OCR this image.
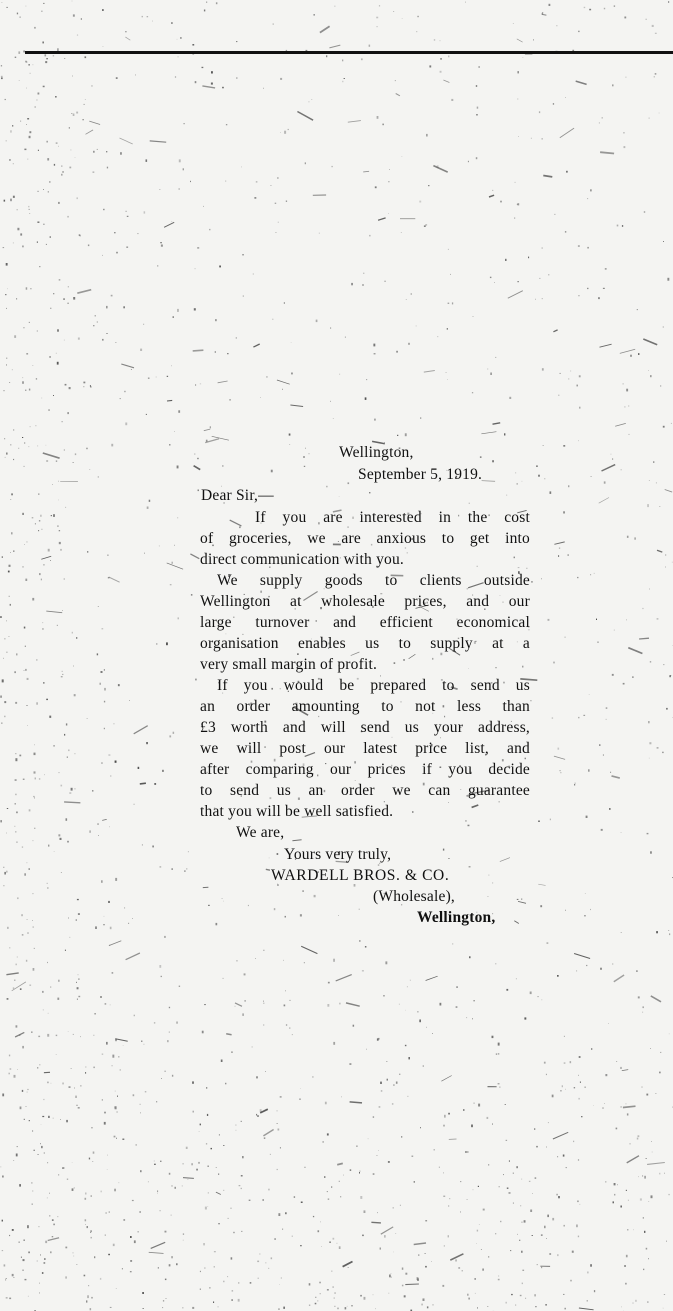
Wellington,
September 5, 1919.
Dear Sir,—
If you are interested in the cost
of groceries, we are anxious to get into
direct communication with you.
We supply goods to clients outside
Wellington at wholesale prices, and our
large turnover and efficient economical
organisation enables us to supply at a
very small margin of profit.
If you would be prepared to send us
an order amounting to not less than
£3 worth and will send us your address,
we will post our latest price list, and
after comparing our prices if you decide
to send us an order we can guarantee
that you will be well satisfied.
We are,
Yours very truly,
WARDELL BROS. & CO.
(Wholesale),
Wellington,
